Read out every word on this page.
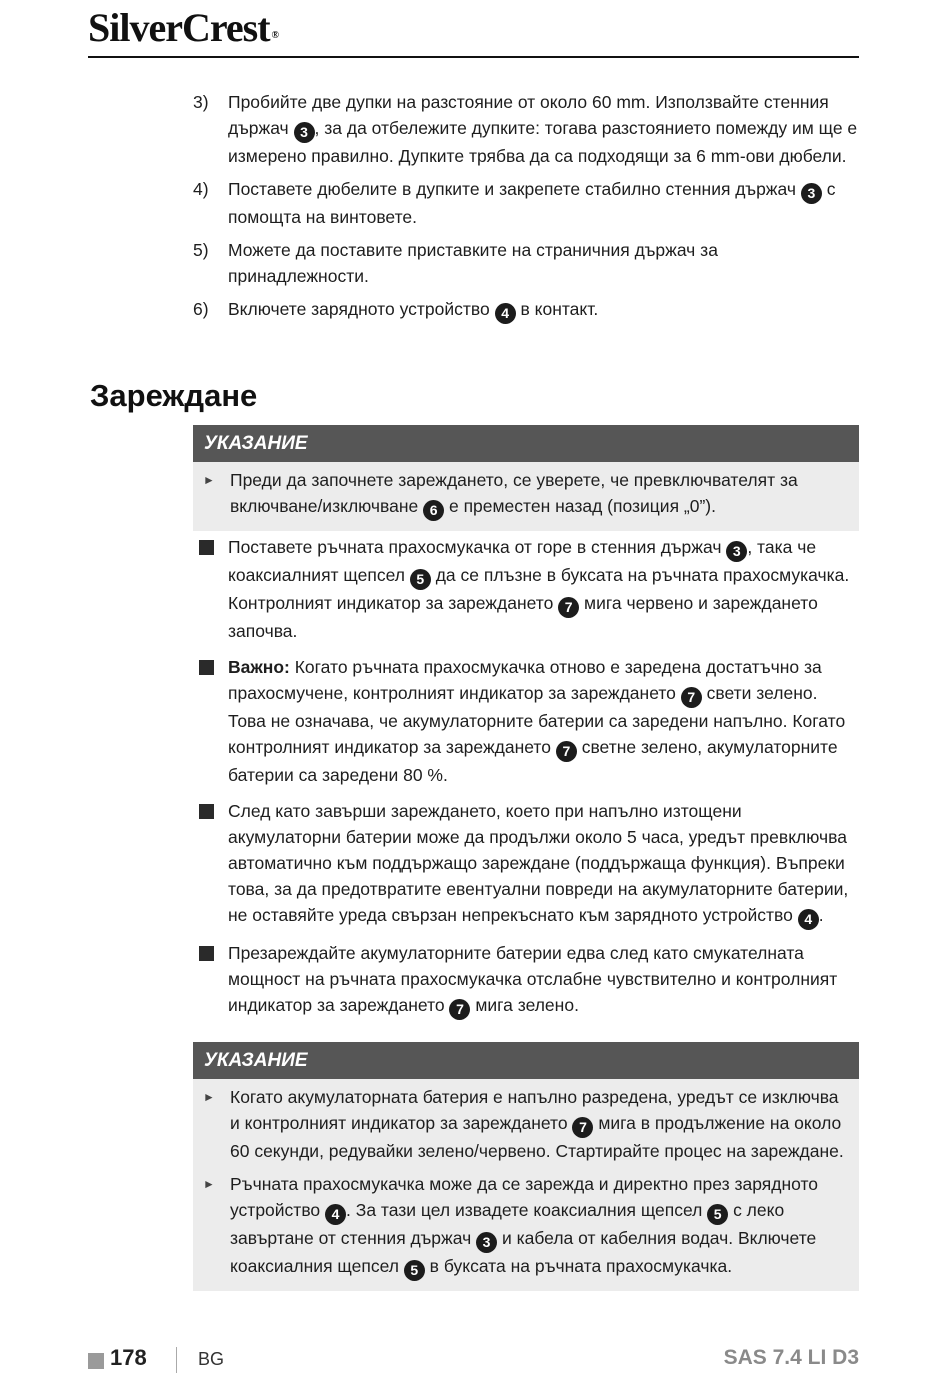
SilverCrest ®
3) Пробийте две дупки на разстояние от около 60 mm. Използвайте стенния държач 3 , за да отбележите дупките: тогава разстоянието помежду им ще е измерено правилно. Дупките трябва да са подходящи за 6 mm-ови дюбели.
4) Поставете дюбелите в дупките и закрепете стабилно стенния държач 3 с помощта на винтовете.
5) Можете да поставите приставките на страничния държач за принадлежности.
6) Включете зарядното устройство 4 в контакт.
Зареждане
УКАЗАНИЕ
► Преди да започнете зареждането, се уверете, че превключвателят за включване/изключване 6 е преместен назад (позиция „0”).
Поставете ръчната прахосмукачка от горе в стенния държач 3 , така че коаксиалният щепсел 5 да се плъзне в буксата на ръчната прахосмукачка. Контролният индикатор за зареждането 7 мига червено и зареждането започва.
Важно: Когато ръчната прахосмукачка отново е заредена достатъчно за прахосмучене, контролният индикатор за зареждането 7 свети зелено. Това не означава, че акумулаторните батерии са заредени напълно. Когато контролният индикатор за зареждането 7 светне зелено, акумулаторните батерии са заредени 80 %.
След като завърши зареждането, което при напълно изтощени акумулаторни батерии може да продължи около 5 часа, уредът превключва автоматично към поддържащо зареждане (поддържаща функция). Въпреки това, за да предотвратите евентуални повреди на акумулаторните батерии, не оставяйте уреда свързан непрекъснато към зарядното устройство 4 .
Презареждайте акумулаторните батерии едва след като смукателната мощност на ръчната прахосмукачка отслабне чувствително и контролният индикатор за зареждането 7 мига зелено.
УКАЗАНИЕ
► Когато акумулаторната батерия е напълно разредена, уредът се изключва и контролният индикатор за зареждането 7 мига в продължение на около 60 секунди, редувайки зелено/червено. Стартирайте процес на зареждане.
► Ръчната прахосмукачка може да се зарежда и директно през зарядното устройство 4 . За тази цел извадете коаксиалния щепсел 5 с леко завъртане от стенния държач 3 и кабела от кабелния водач. Включете коаксиалния щепсел 5 в буксата на ръчната прахосмукачка.
178	BG	SAS 7.4 LI D3
